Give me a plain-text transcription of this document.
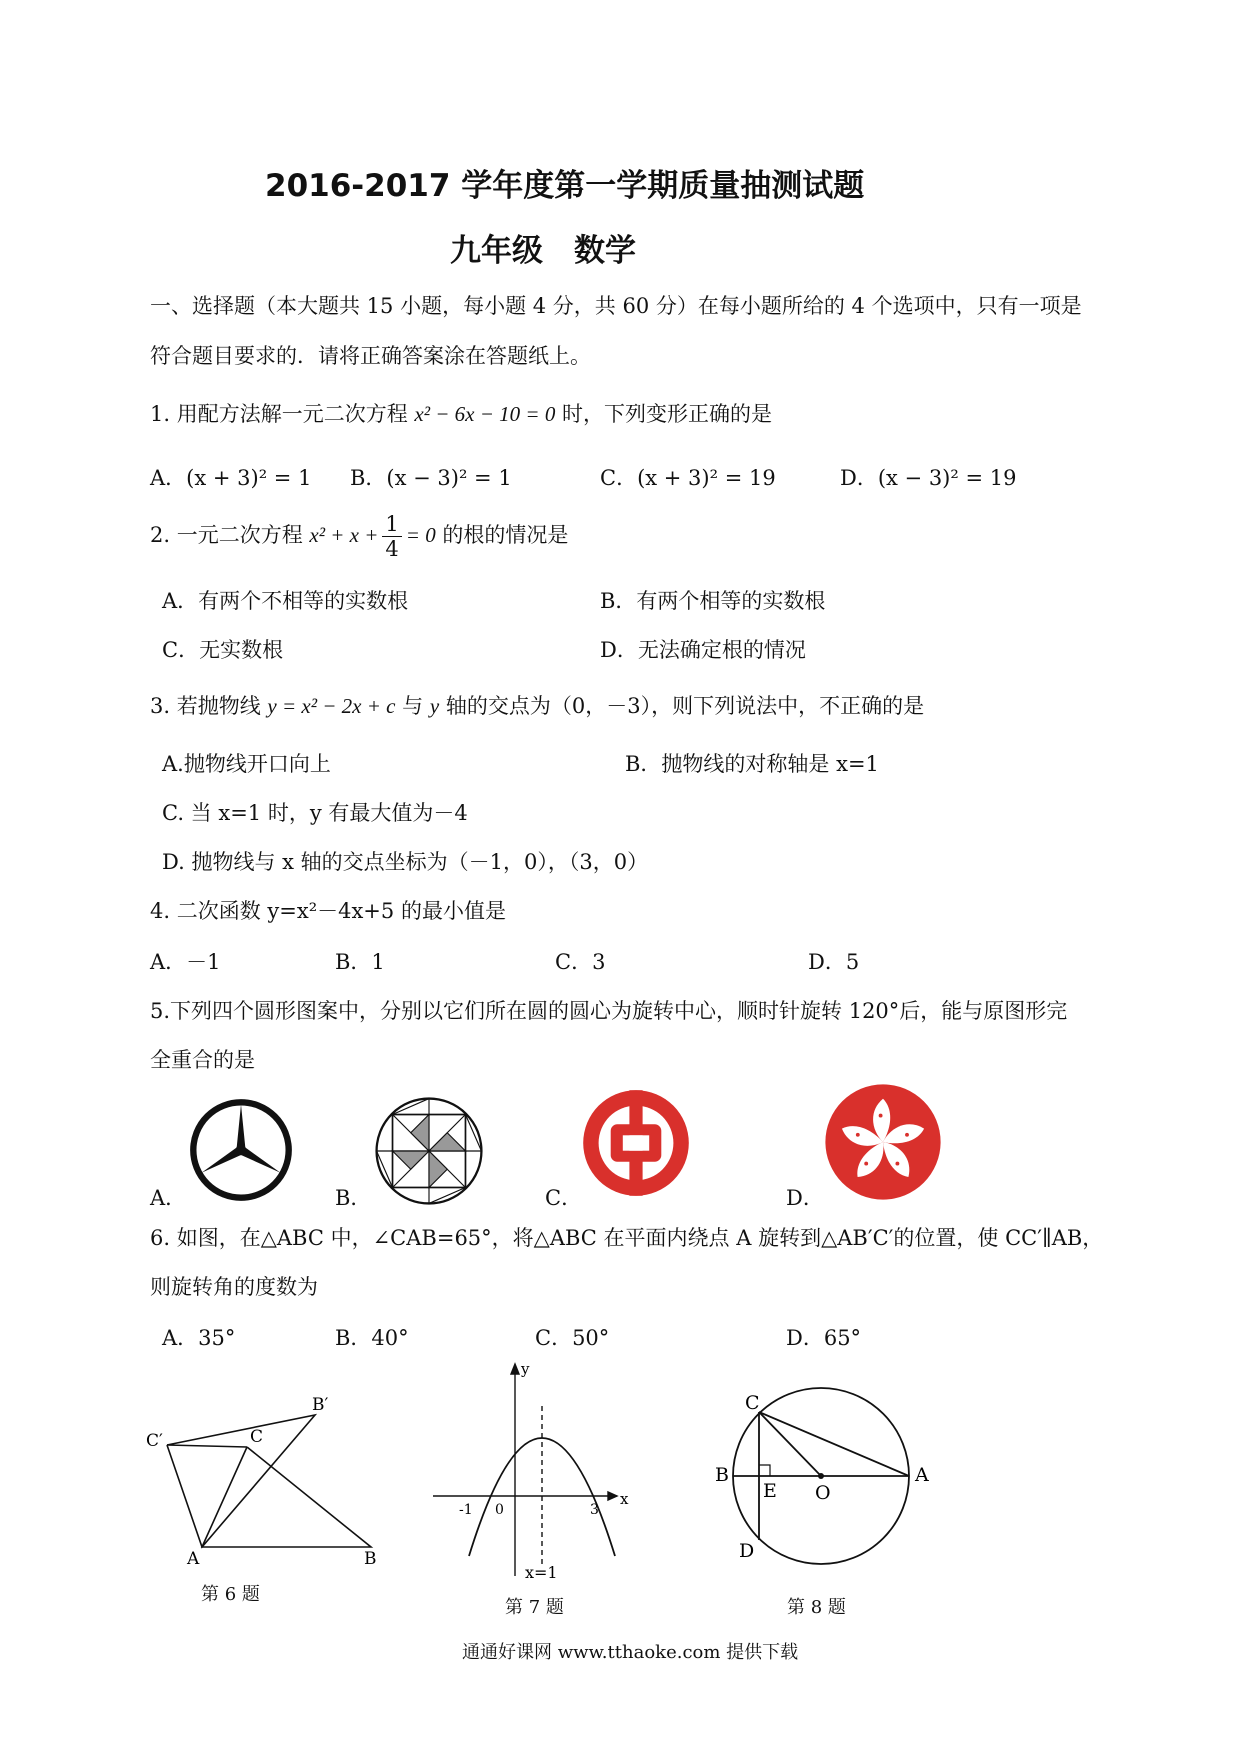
2016-2017 学年度第一学期质量抽测试题
九年级　数学
一、选择题（本大题共 15 小题，每小题 4 分，共 60 分）在每小题所给的 4 个选项中，只有一项是
符合题目要求的．请将正确答案涂在答题纸上。
1. 用配方法解一元二次方程 x² − 6x − 10 = 0 时，下列变形正确的是
A．(x + 3)² = 1 B．(x − 3)² = 1	C．(x + 3)² = 19	D．(x − 3)² = 19
2. 一元二次方程 $x^2 + x + \frac{1}{4} = 0$ 的根的情况是
A．有两个不相等的实数根	B．有两个相等的实数根
C．无实数根	D．无法确定根的情况
3. 若抛物线 y = x² − 2x + c 与 y 轴的交点为（0，－3），则下列说法中，不正确的是
A.抛物线开口向上	B．抛物线的对称轴是 x=1
C. 当 x=1 时，y 有最大值为－4
D. 抛物线与 x 轴的交点坐标为（－1，0），（3，0）
4. 二次函数 y=x²－4x+5 的最小值是
A．－1	B．1	C．3	D．5
5.下列四个圆形图案中，分别以它们所在圆的圆心为旋转中心，顺时针旋转 120°后，能与原图形完
全重合的是
A．	B．	C．	D．
6. 如图，在△ABC 中，∠CAB=65°，将△ABC 在平面内绕点 A 旋转到△AB′C′的位置，使 CC′∥AB，
则旋转角的度数为
A．35°	B．40°	C．50°	D．65°
C′	C
B′
A	B
第 6 题
y
x
-1 0	3
x=1
第 7 题
C
B
E O
A
D
第 8 题
通通好课网 www.tthaoke.com 提供下载
